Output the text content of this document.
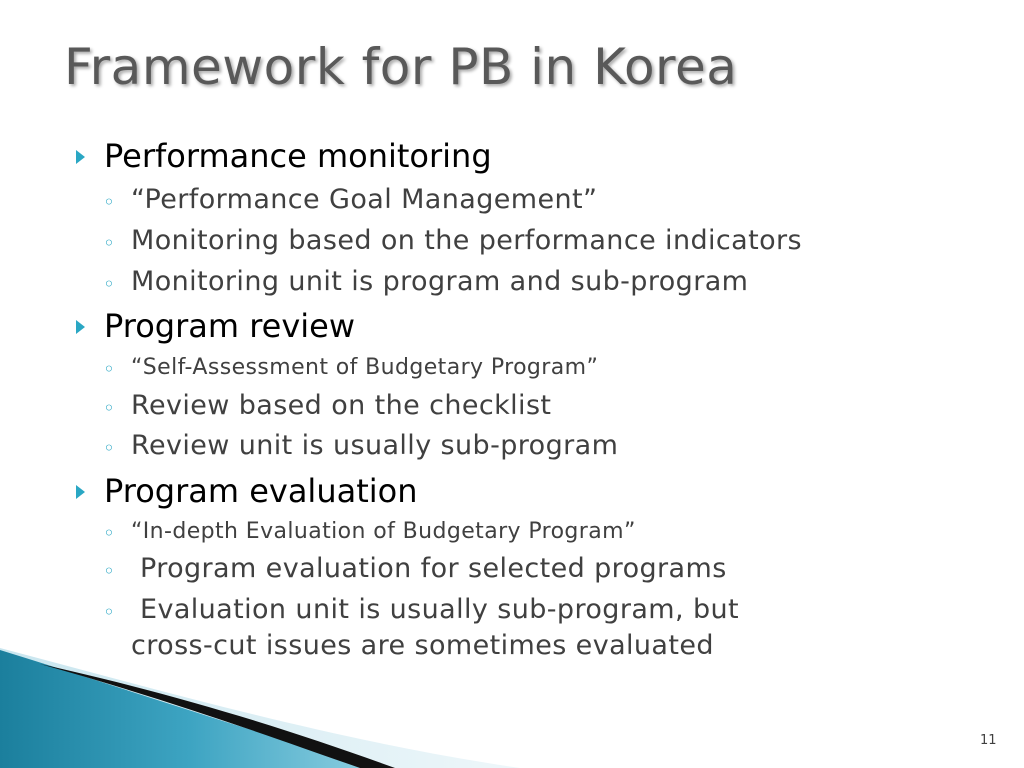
Framework for PB in Korea
Performance monitoring
◦ “Performance Goal Management”
◦ Monitoring based on the performance indicators
◦ Monitoring unit is program and sub-program
Program review
◦ “Self-Assessment of Budgetary Program”
◦ Review based on the checklist
◦ Review unit is usually sub-program
Program evaluation
◦ “In-depth Evaluation of Budgetary Program”

◦

Program evaluation for selected programs

◦ Evaluation unit is usually sub-program, but
cross-cut issues are sometimes evaluated
11
